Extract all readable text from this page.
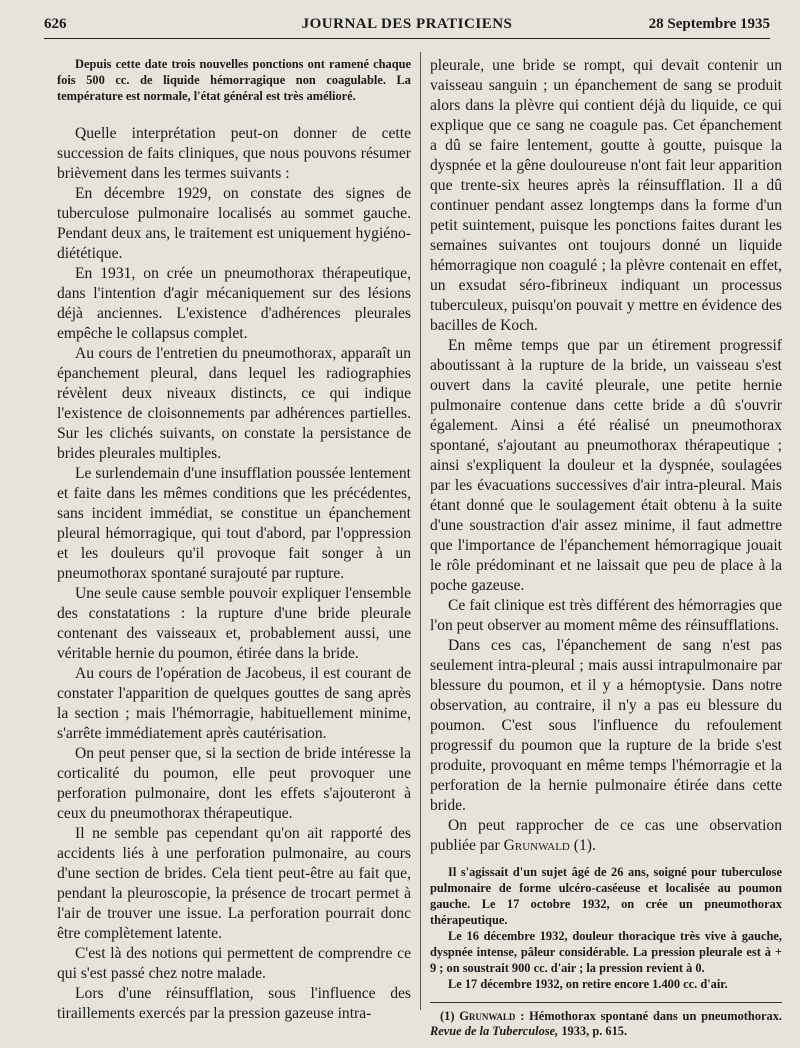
626	JOURNAL DES PRATICIENS	28 Septembre 1935

Depuis cette date trois nouvelles ponctions ont ramené chaque fois 500 cc. de liquide hémorragique non coagulable. La température est normale, l'état général est très amélioré.

Quelle interprétation peut-on donner de cette succession de faits cliniques, que nous pouvons résumer brièvement dans les termes suivants :

En décembre 1929, on constate des signes de tuberculose pulmonaire localisés au sommet gauche. Pendant deux ans, le traitement est uniquement hygiéno-diététique.

En 1931, on crée un pneumothorax thérapeutique, dans l'intention d'agir mécaniquement sur des lésions déjà anciennes. L'existence d'adhérences pleurales empêche le collapsus complet.

Au cours de l'entretien du pneumothorax, apparaît un épanchement pleural, dans lequel les radiographies révèlent deux niveaux distincts, ce qui indique l'existence de cloisonnements par adhérences partielles. Sur les clichés suivants, on constate la persistance de brides pleurales multiples.

Le surlendemain d'une insufflation poussée lentement et faite dans les mêmes conditions que les précédentes, sans incident immédiat, se constitue un épanchement pleural hémorragique, qui tout d'abord, par l'oppression et les douleurs qu'il provoque fait songer à un pneumothorax spontané surajouté par rupture.

Une seule cause semble pouvoir expliquer l'ensemble des constatations : la rupture d'une bride pleurale contenant des vaisseaux et, probablement aussi, une véritable hernie du poumon, étirée dans la bride.

Au cours de l'opération de Jacobeus, il est courant de constater l'apparition de quelques gouttes de sang après la section ; mais l'hémorragie, habituellement minime, s'arrête immédiatement après cautérisation.

On peut penser que, si la section de bride intéresse la corticalité du poumon, elle peut provoquer une perforation pulmonaire, dont les effets s'ajouteront à ceux du pneumothorax thérapeutique.

Il ne semble pas cependant qu'on ait rapporté des accidents liés à une perforation pulmonaire, au cours d'une section de brides. Cela tient peut-être au fait que, pendant la pleuroscopie, la présence de trocart permet à l'air de trouver une issue. La perforation pourrait donc être complètement latente.

C'est là des notions qui permettent de comprendre ce qui s'est passé chez notre malade.

Lors d'une réinsufflation, sous l'influence des tiraillements exercés par la pression gazeuse intra-

pleurale, une bride se rompt, qui devait contenir un vaisseau sanguin ; un épanchement de sang se produit alors dans la plèvre qui contient déjà du liquide, ce qui explique que ce sang ne coagule pas. Cet épanchement a dû se faire lentement, goutte à goutte, puisque la dyspnée et la gêne douloureuse n'ont fait leur apparition que trente-six heures après la réinsufflation. Il a dû continuer pendant assez longtemps dans la forme d'un petit suintement, puisque les ponctions faites durant les semaines suivantes ont toujours donné un liquide hémorragique non coagulé ; la plèvre contenait en effet, un exsudat séro-fibrineux indiquant un processus tuberculeux, puisqu'on pouvait y mettre en évidence des bacilles de Koch.

En même temps que par un étirement progressif aboutissant à la rupture de la bride, un vaisseau s'est ouvert dans la cavité pleurale, une petite hernie pulmonaire contenue dans cette bride a dû s'ouvrir également. Ainsi a été réalisé un pneumothorax spontané, s'ajoutant au pneumothorax thérapeutique ; ainsi s'expliquent la douleur et la dyspnée, soulagées par les évacuations successives d'air intra-pleural. Mais étant donné que le soulagement était obtenu à la suite d'une soustraction d'air assez minime, il faut admettre que l'importance de l'épanchement hémorragique jouait le rôle prédominant et ne laissait que peu de place à la poche gazeuse.

Ce fait clinique est très différent des hémorragies que l'on peut observer au moment même des réinsufflations.

Dans ces cas, l'épanchement de sang n'est pas seulement intra-pleural ; mais aussi intrapulmonaire par blessure du poumon, et il y a hémoptysie. Dans notre observation, au contraire, il n'y a pas eu blessure du poumon. C'est sous l'influence du refoulement progressif du poumon que la rupture de la bride s'est produite, provoquant en même temps l'hémorragie et la perforation de la hernie pulmonaire étirée dans cette bride.

On peut rapprocher de ce cas une observation publiée par Grunwald (1).

Il s'agissait d'un sujet âgé de 26 ans, soigné pour tuberculose pulmonaire de forme ulcéro-caséeuse et localisée au poumon gauche. Le 17 octobre 1932, on crée un pneumothorax thérapeutique.

Le 16 décembre 1932, douleur thoracique très vive à gauche, dyspnée intense, pâleur considérable. La pression pleurale est à + 9 ; on soustrait 900 cc. d'air ; la pression revient à 0.

Le 17 décembre 1932, on retire encore 1.400 cc. d'air.

(1) Grunwald : Hémothorax spontané dans un pneumothorax. Revue de la Tuberculose, 1933, p. 615.
